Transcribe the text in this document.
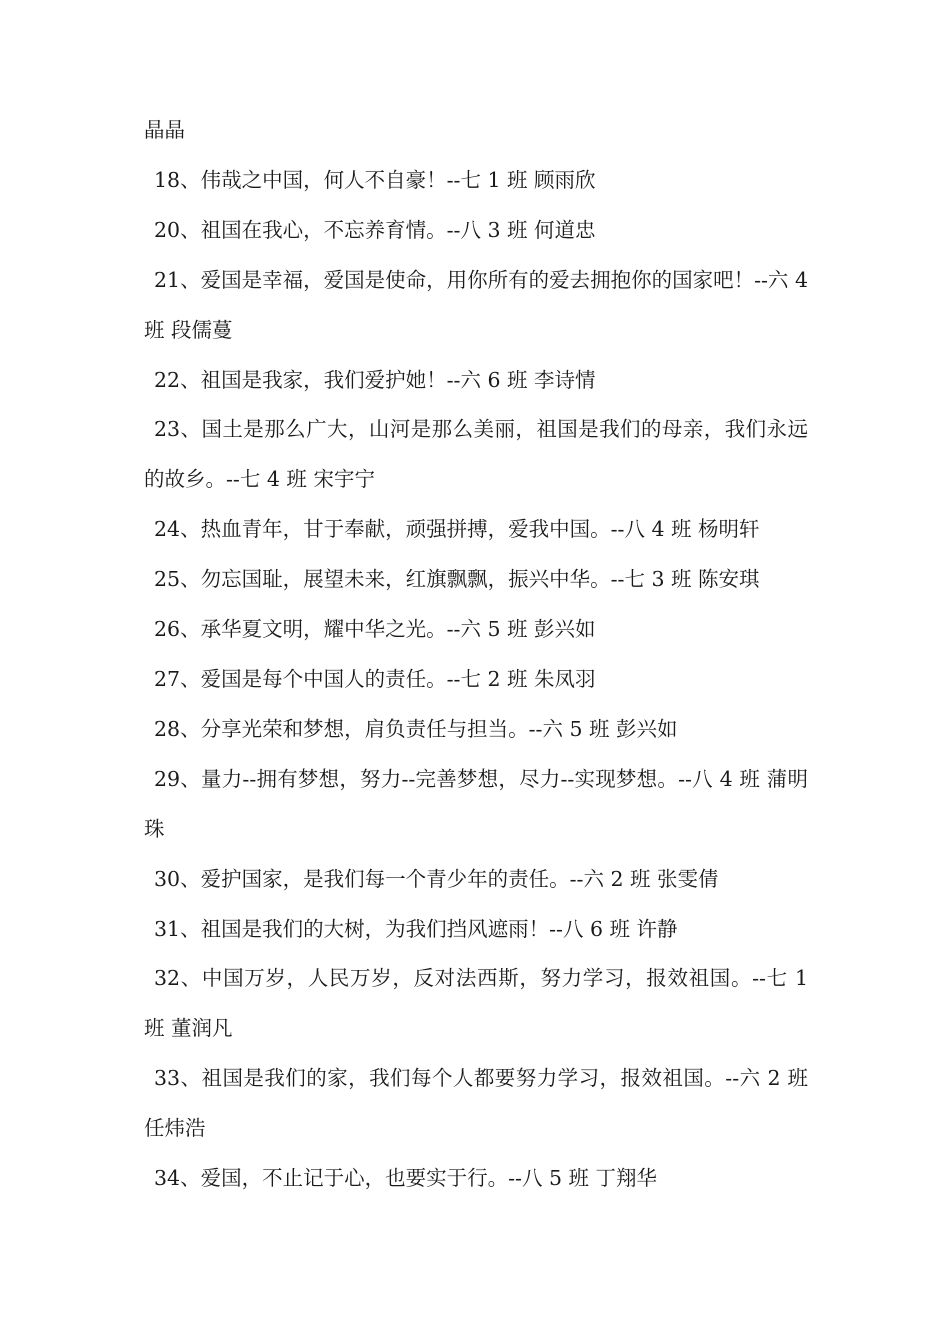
晶晶

18、伟哉之中国，何人不自豪！--七 1 班 顾雨欣

20、祖国在我心，不忘养育情。--八 3 班 何道忠

21、爱国是幸福，爱国是使命，用你所有的爱去拥抱你的国家吧！--六 4 班 段儒蔓

22、祖国是我家，我们爱护她！--六 6 班 李诗情

23、国土是那么广大，山河是那么美丽，祖国是我们的母亲，我们永远的故乡。--七 4 班 宋宇宁

24、热血青年，甘于奉献，顽强拼搏，爱我中国。--八 4 班 杨明轩

25、勿忘国耻，展望未来，红旗飘飘，振兴中华。--七 3 班 陈安琪

26、承华夏文明，耀中华之光。--六 5 班 彭兴如

27、爱国是每个中国人的责任。--七 2 班 朱凤羽

28、分享光荣和梦想，肩负责任与担当。--六 5 班 彭兴如

29、量力--拥有梦想，努力--完善梦想，尽力--实现梦想。--八 4 班 蒲明珠

30、爱护国家，是我们每一个青少年的责任。--六 2 班 张雯倩

31、祖国是我们的大树，为我们挡风遮雨！--八 6 班 许静

32、中国万岁，人民万岁，反对法西斯，努力学习，报效祖国。--七 1 班 董润凡

33、祖国是我们的家，我们每个人都要努力学习，报效祖国。--六 2 班 任炜浩

34、爱国，不止记于心，也要实于行。--八 5 班 丁翔华
